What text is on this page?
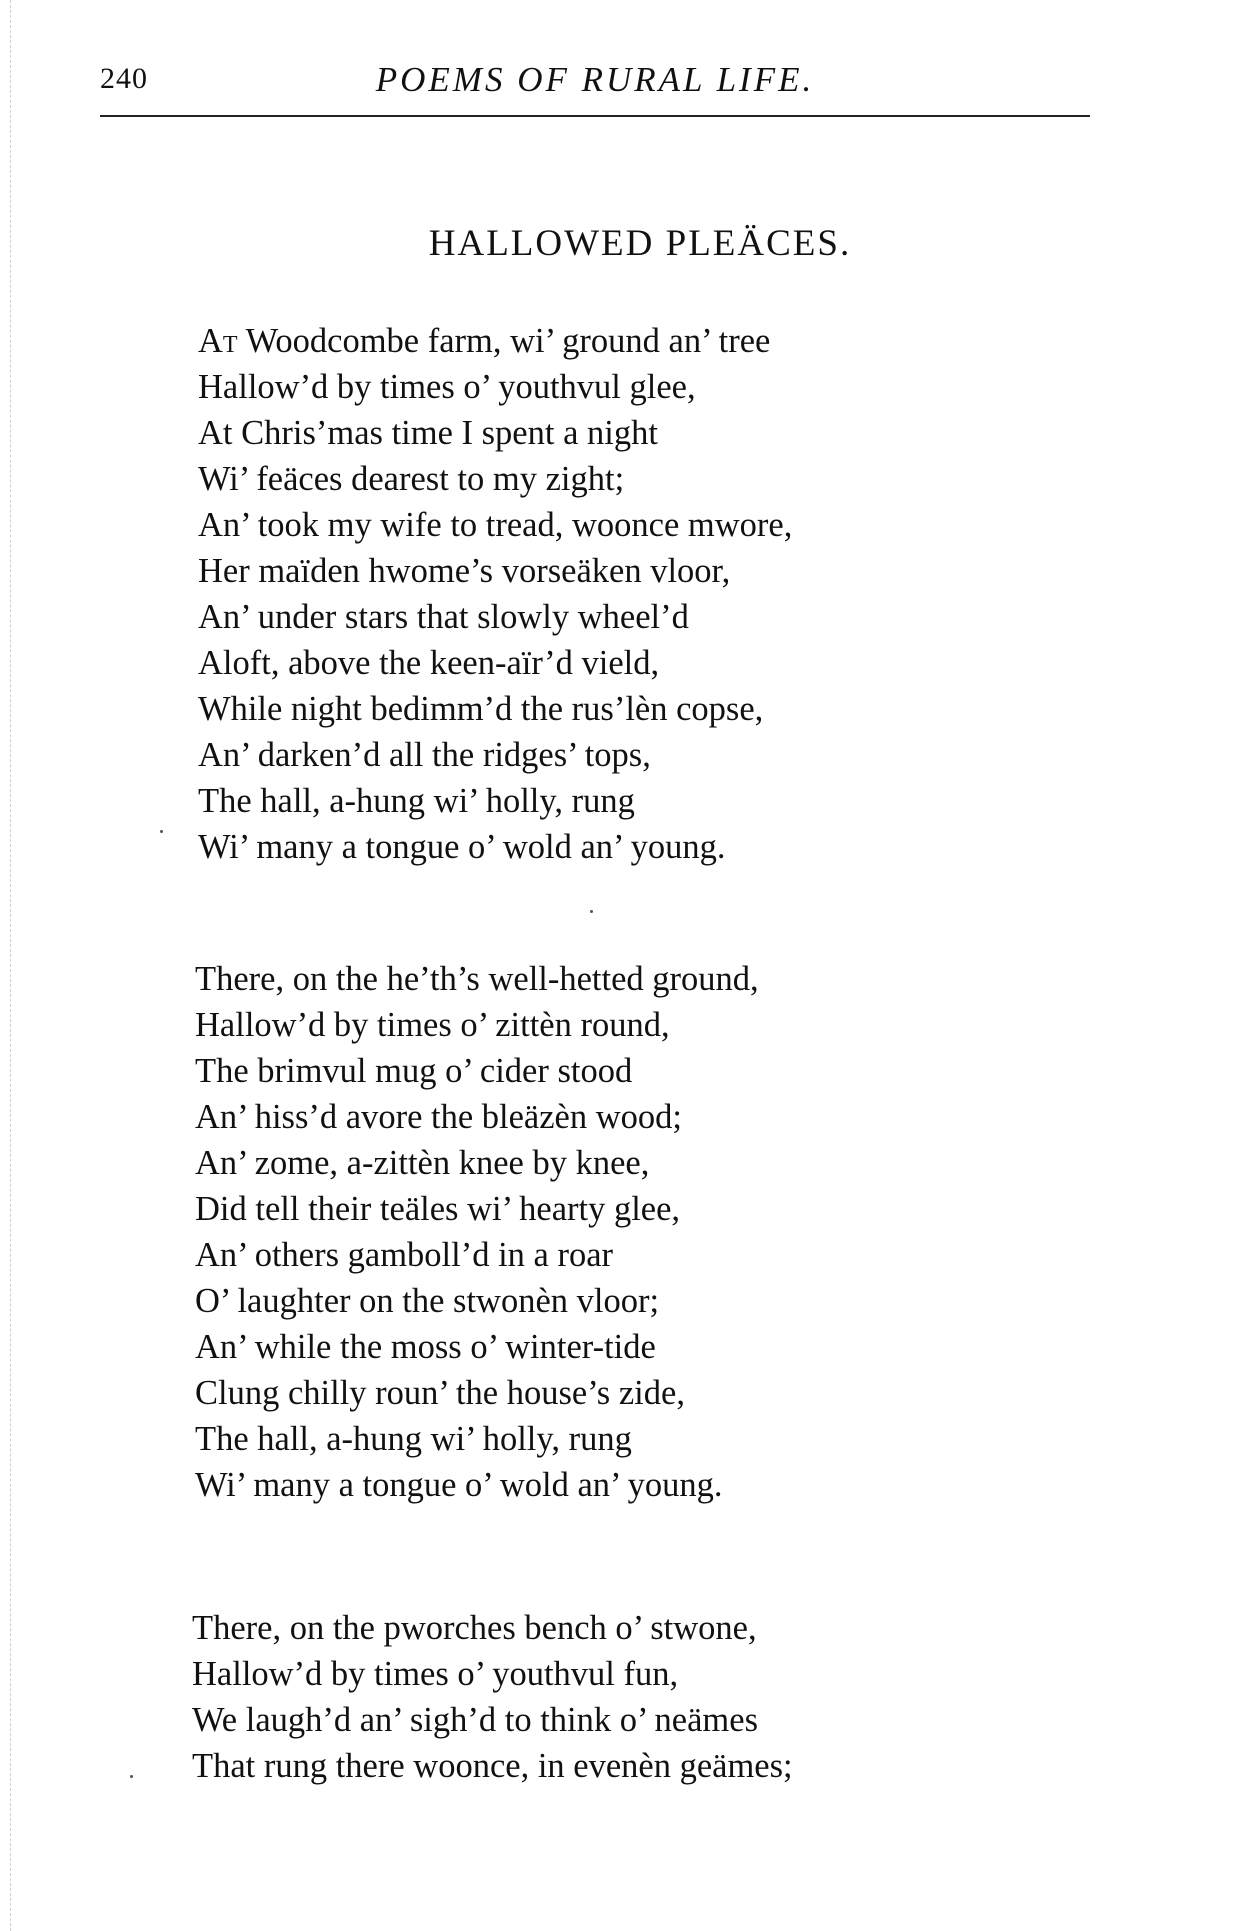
240	POEMS OF RURAL LIFE.
HALLOWED PLEÄCES.
At Woodcombe farm, wi’ ground an’ tree
Hallow’d by times o’ youthvul glee,
At Chris’mas time I spent a night
Wi’ feäces dearest to my zight;
An’ took my wife to tread, woonce mwore,
Her maïden hwome’s vorseäken vloor,
An’ under stars that slowly wheel’d
Aloft, above the keen-aïr’d vield,
While night bedimm’d the rus’lèn copse,
An’ darken’d all the ridges’ tops,
The hall, a-hung wi’ holly, rung
Wi’ many a tongue o’ wold an’ young.
There, on the he’th’s well-hetted ground,
Hallow’d by times o’ zittèn round,
The brimvul mug o’ cider stood
An’ hiss’d avore the bleäzèn wood;
An’ zome, a-zittèn knee by knee,
Did tell their teäles wi’ hearty glee,
An’ others gamboll’d in a roar
O’ laughter on the stwonèn vloor;
An’ while the moss o’ winter-tide
Clung chilly roun’ the house’s zide,
The hall, a-hung wi’ holly, rung
Wi’ many a tongue o’ wold an’ young.
There, on the pworches bench o’ stwone,
Hallow’d by times o’ youthvul fun,
We laugh’d an’ sigh’d to think o’ neämes
That rung there woonce, in evenèn geämes;
